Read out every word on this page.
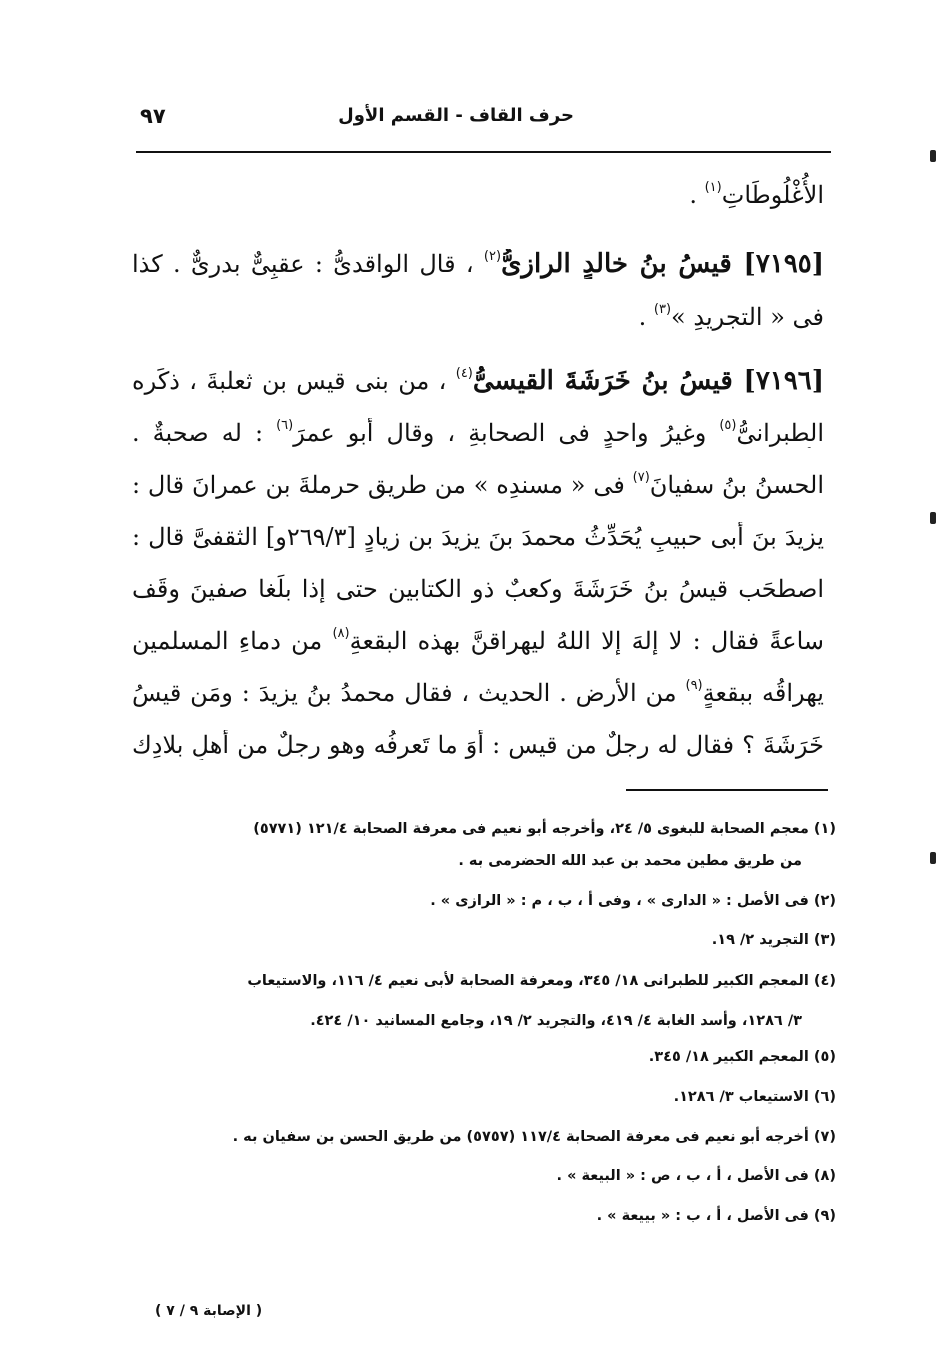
حرف القاف - القسم الأول
٩٧
الأُغْلُوطَاتِ$^{(١)}$ .
[٧١٩٥] قيسُ بنُ خالدٍ الرازىُّ$^{(٢)}$ ، قال الواقدىُّ : عقبِىٌّ بدرىٌّ . كذا
فى « التجريدِ »$^{(٣)}$ .
[٧١٩٦] قيسُ بنُ خَرَشَةَ القيسىُّ$^{(٤)}$ ، من بنى قيسِ بنِ ثعلبةَ ، ذكَره
الطبرانىُّ$^{(٥)}$ وغيرُ واحدٍ فى الصحابةِ ، وقال أبو عمرَ$^{(٦)}$ : له صحبةٌ .
الحسنُ بنُ سفيانَ$^{(٧)}$ فى « مسندِه » من طريقِ حرملةَ بنِ عمرانَ قال :
يزيدَ بنَ أبى حبيبٍ يُحَدِّثُ محمدَ بنَ يزيدَ بنِ زيادٍ [٢٦٩/٣و] الثقفىَّ قال :
اصطحَب قيسُ بنُ خَرَشَةَ وكعبٌ ذو الكتابينِ حتى إذا بلَغا صفينَ وقَف
ساعةً فقال : لا إلهَ إلا اللهُ ليهراقنَّ بهذه البقعةِ$^{(٨)}$ من دماءِ المسلمين
يهراقُه ببقعةٍ$^{(٩)}$ من الأرضِ . الحديث ، فقال محمدُ بنُ يزيدَ : ومَن قيسُ
خَرَشَةَ ؟ فقال له رجلٌ من قيسٍ : أوَ ما تَعرفُه وهو رجلٌ من أهلِ بلادِك
(١) معجم الصحابة للبغوى ٥/ ٢٤، وأخرجه أبو نعيم فى معرفة الصحابة ١٢١/٤ (٥٧٧١)
من طريق مطين محمد بن عبد الله الحضرمى به .
(٢) فى الأصل : « الدارى » ، وفى أ ، ب ، م : « الرازى » .
(٣) التجريد ٢/ ١٩.
(٤) المعجم الكبير للطبرانى ١٨/ ٣٤٥، ومعرفة الصحابة لأبى نعيم ٤/ ١١٦، والاستيعاب
٣/ ١٢٨٦، وأسد الغابة ٤/ ٤١٩، والتجريد ٢/ ١٩، وجامع المسانيد ١٠/ ٤٢٤.
(٥) المعجم الكبير ١٨/ ٣٤٥.
(٦) الاستيعاب ٣/ ١٢٨٦.
(٧) أخرجه أبو نعيم فى معرفة الصحابة ١١٧/٤ (٥٧٥٧) من طريق الحسن بن سفيان به .
(٨) فى الأصل ، أ ، ب ، ص : « البيعة » .
(٩) فى الأصل ، أ ، ب : « بييعة » .
( الإصابة ٩ / ٧ )
